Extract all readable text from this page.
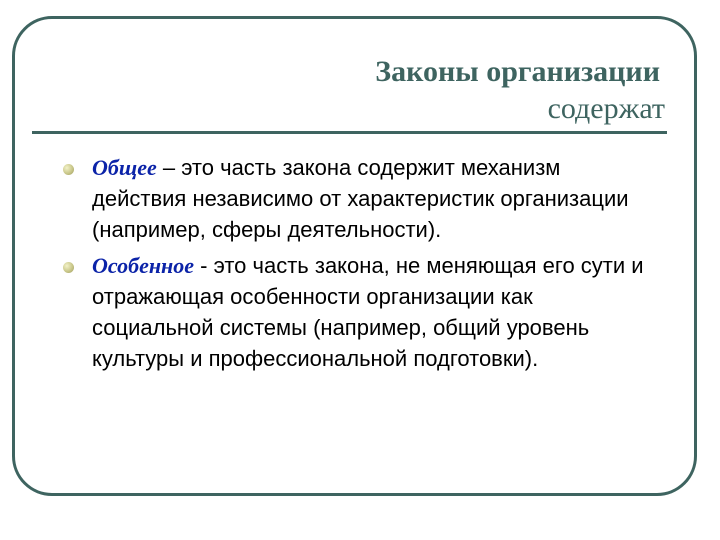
Законы организации
содержат
Общее – это часть закона содержит механизм действия независимо от характеристик организации (например, сферы деятельности).
Особенное - это часть закона, не меняющая его сути и отражающая особенности организации как социальной системы (например, общий уровень культуры и профессиональной подготовки).
